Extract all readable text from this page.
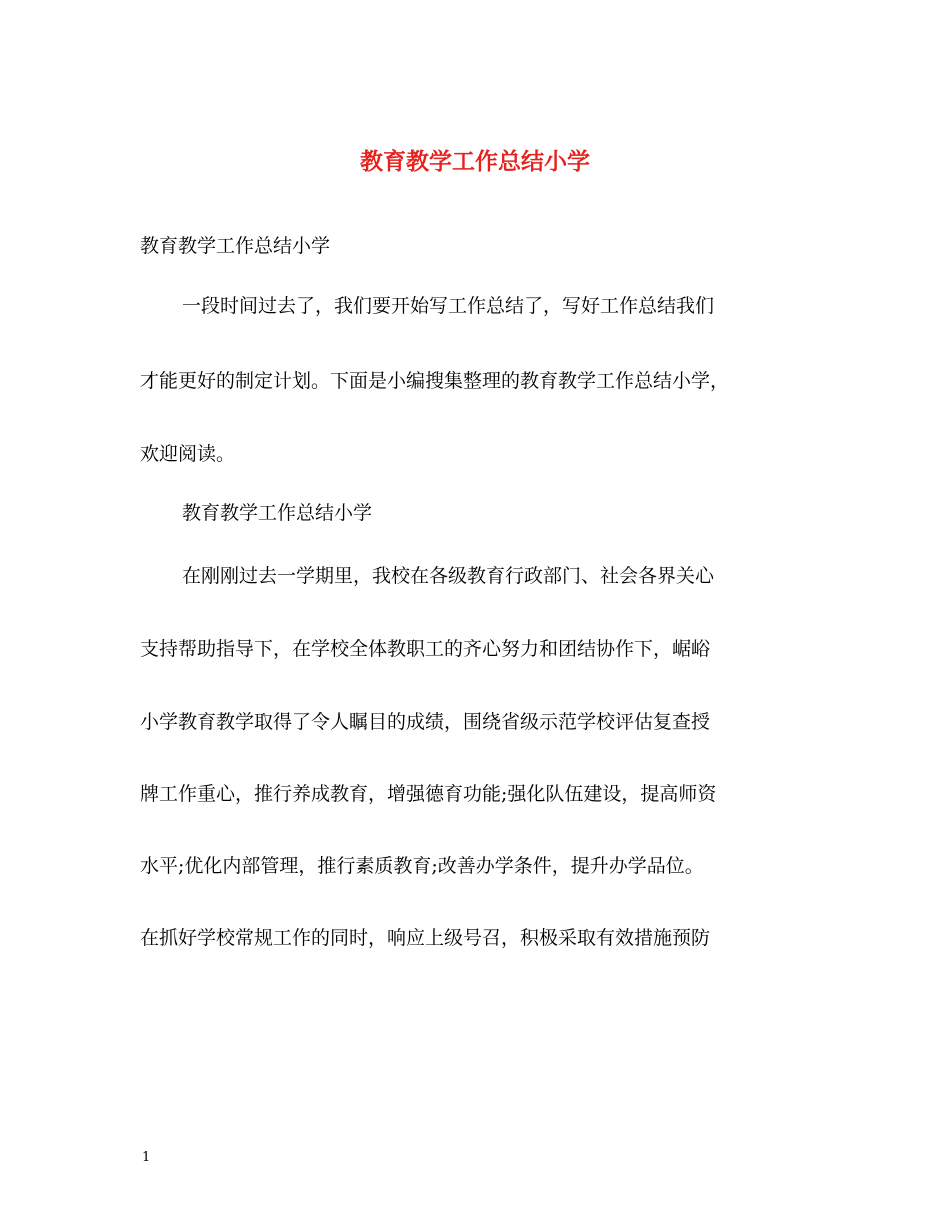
教育教学工作总结小学

教育教学工作总结小学

一段时间过去了，我们要开始写工作总结了，写好工作总结我们

才能更好的制定计划。下面是小编搜集整理的教育教学工作总结小学，

欢迎阅读。

教育教学工作总结小学

在刚刚过去一学期里，我校在各级教育行政部门、社会各界关心

支持帮助指导下，在学校全体教职工的齐心努力和团结协作下，崌峪

小学教育教学取得了令人瞩目的成绩，围绕省级示范学校评估复查授

牌工作重心，推行养成教育，增强德育功能;强化队伍建设，提高师资

水平;优化内部管理，推行素质教育;改善办学条件，提升办学品位。

在抓好学校常规工作的同时，响应上级号召，积极采取有效措施预防

1
